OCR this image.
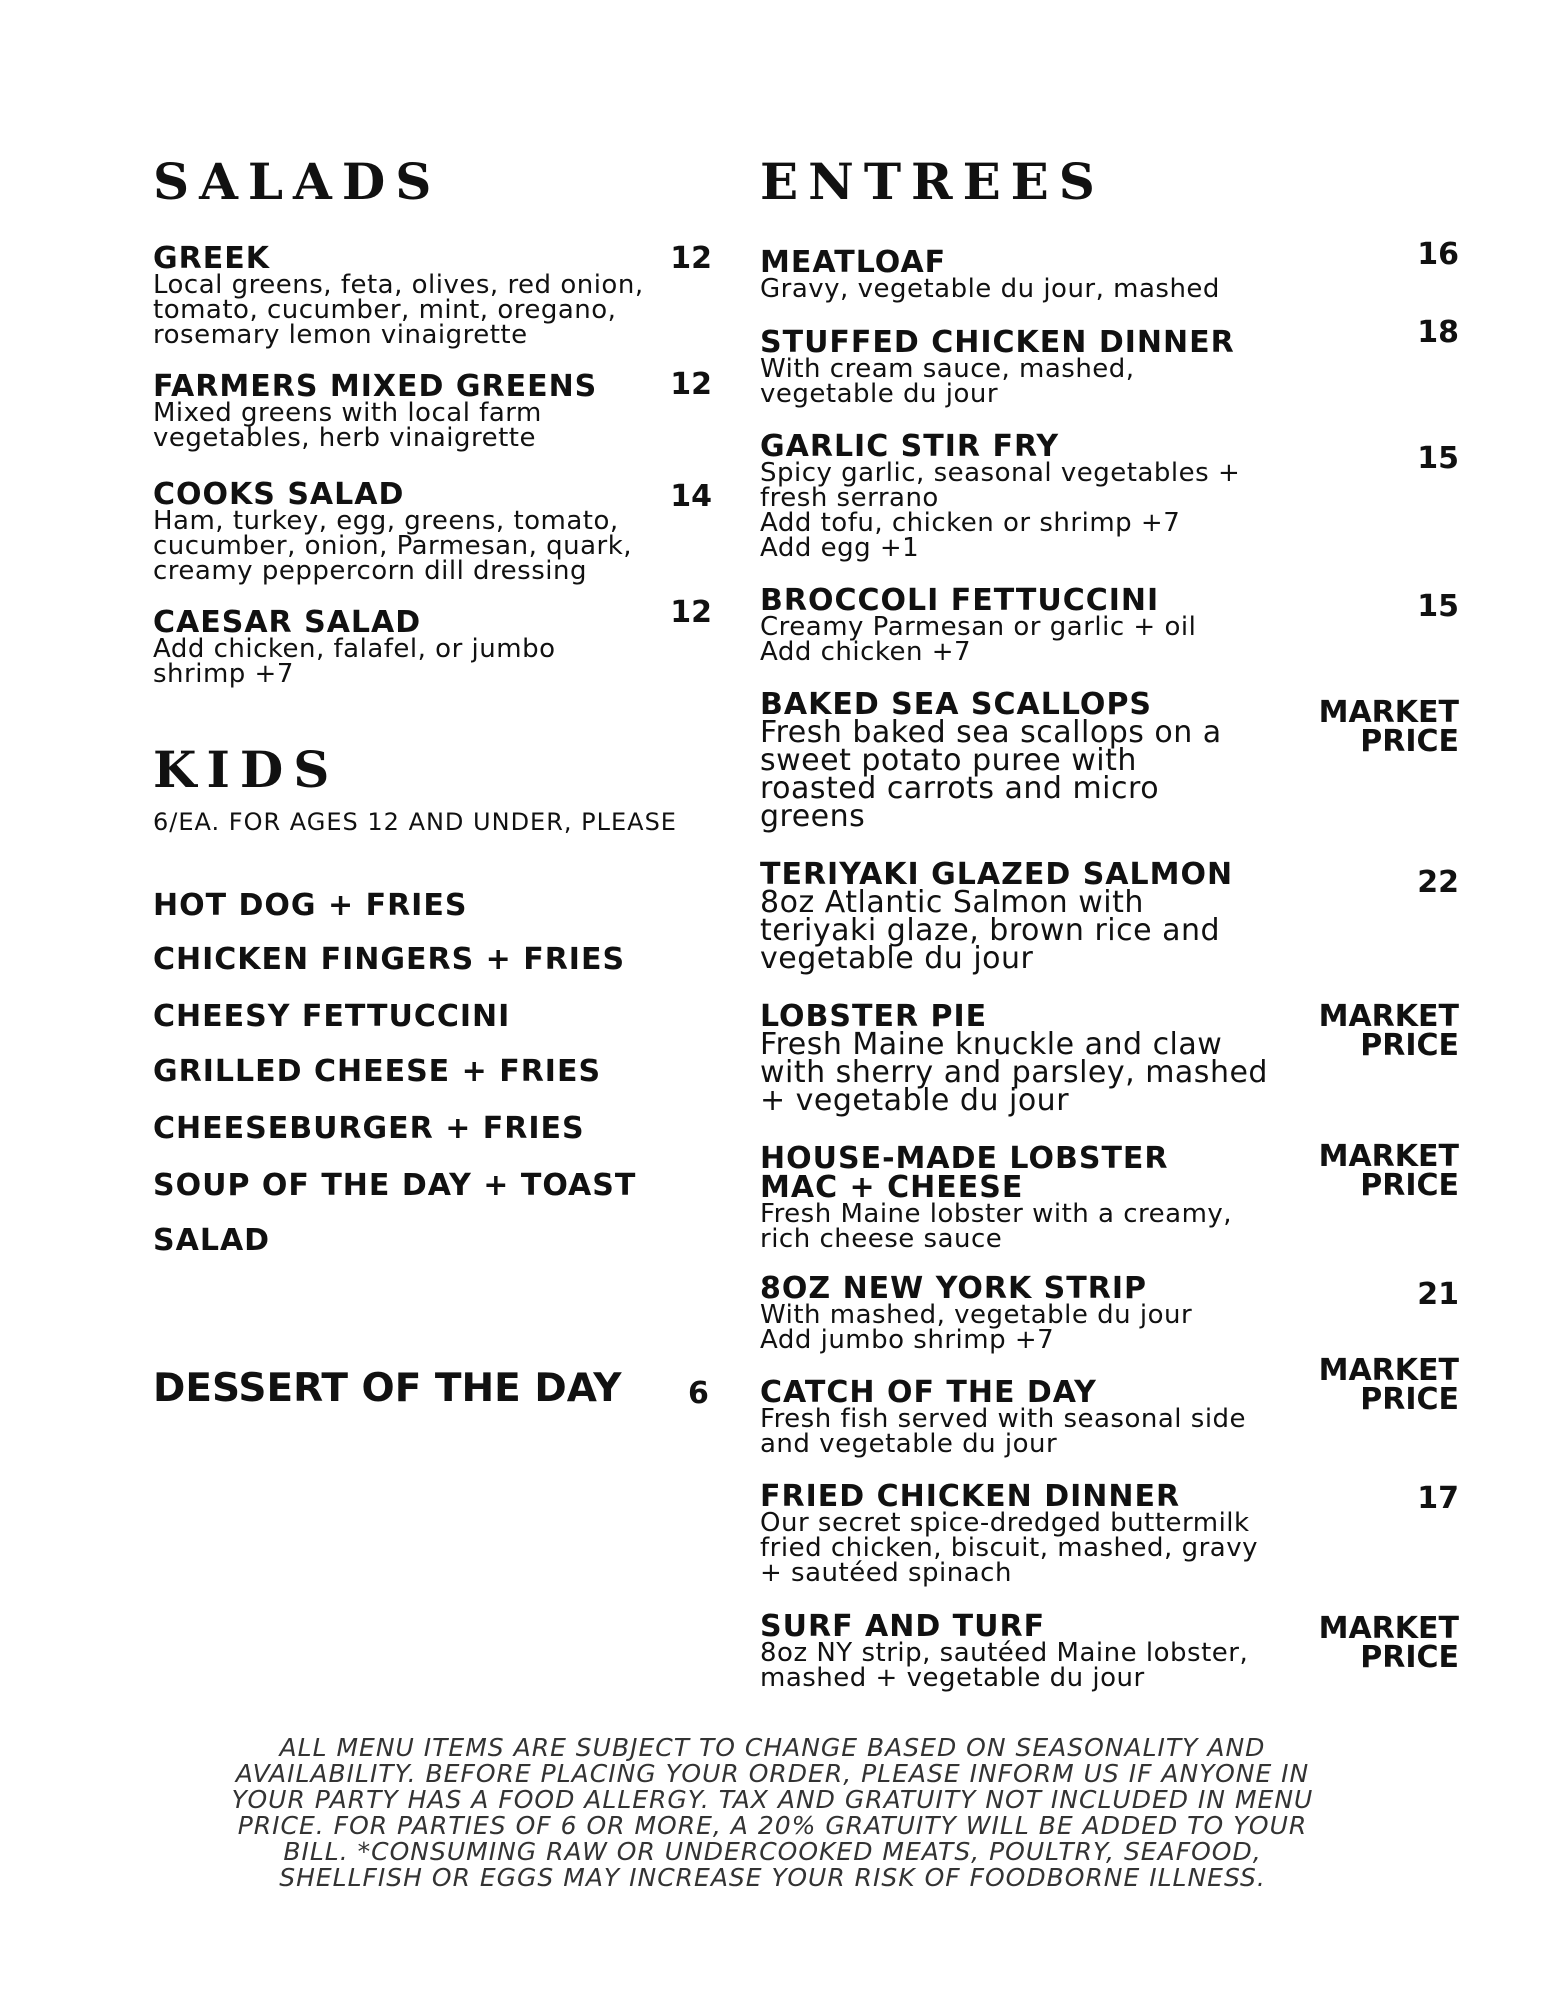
SALADS
GREEK
Local greens, feta, olives, red onion,
tomato, cucumber, mint, oregano,
rosemary lemon vinaigrette
12
FARMERS MIXED GREENS
Mixed greens with local farm
vegetables, herb vinaigrette
12
COOKS SALAD
Ham, turkey, egg, greens, tomato,
cucumber, onion, Parmesan, quark,
creamy peppercorn dill dressing
14
CAESAR SALAD
Add chicken, falafel, or jumbo
shrimp +7
12
KIDS
6/EA. FOR AGES 12 AND UNDER, PLEASE
HOT DOG + FRIES
CHICKEN FINGERS + FRIES
CHEESY FETTUCCINI
GRILLED CHEESE + FRIES
CHEESEBURGER + FRIES
SOUP OF THE DAY + TOAST
SALAD
DESSERT OF THE DAY 6
ENTREES
MEATLOAF
Gravy, vegetable du jour, mashed
16
STUFFED CHICKEN DINNER
With cream sauce, mashed,
vegetable du jour
18
GARLIC STIR FRY
Spicy garlic, seasonal vegetables +
fresh serrano
Add tofu, chicken or shrimp +7
Add egg +1
15
BROCCOLI FETTUCCINI
Creamy Parmesan or garlic + oil
Add chicken +7
15
BAKED SEA SCALLOPS
Fresh baked sea scallops on a
sweet potato puree with
roasted carrots and micro
greens
MARKET
PRICE
TERIYAKI GLAZED SALMON
8oz Atlantic Salmon with
teriyaki glaze, brown rice and
vegetable du jour
22
LOBSTER PIE
Fresh Maine knuckle and claw
with sherry and parsley, mashed
+ vegetable du jour
MARKET
PRICE
HOUSE-MADE LOBSTER MAC + CHEESE
Fresh Maine lobster with a creamy,
rich cheese sauce
MARKET
PRICE
8OZ NEW YORK STRIP
With mashed, vegetable du jour
Add jumbo shrimp +7
21
CATCH OF THE DAY
Fresh fish served with seasonal side
and vegetable du jour
MARKET
PRICE
FRIED CHICKEN DINNER
Our secret spice-dredged buttermilk
fried chicken, biscuit, mashed, gravy
+ sautéed spinach
17
SURF AND TURF
8oz NY strip, sautéed Maine lobster,
mashed + vegetable du jour
MARKET
PRICE

ALL MENU ITEMS ARE SUBJECT TO CHANGE BASED ON SEASONALITY AND AVAILABILITY. BEFORE PLACING YOUR ORDER, PLEASE INFORM US IF ANYONE IN YOUR PARTY HAS A FOOD ALLERGY. TAX AND GRATUITY NOT INCLUDED IN MENU PRICE. FOR PARTIES OF 6 OR MORE, A 20% GRATUITY WILL BE ADDED TO YOUR BILL. *CONSUMING RAW OR UNDERCOOKED MEATS, POULTRY, SEAFOOD, SHELLFISH OR EGGS MAY INCREASE YOUR RISK OF FOODBORNE ILLNESS.
